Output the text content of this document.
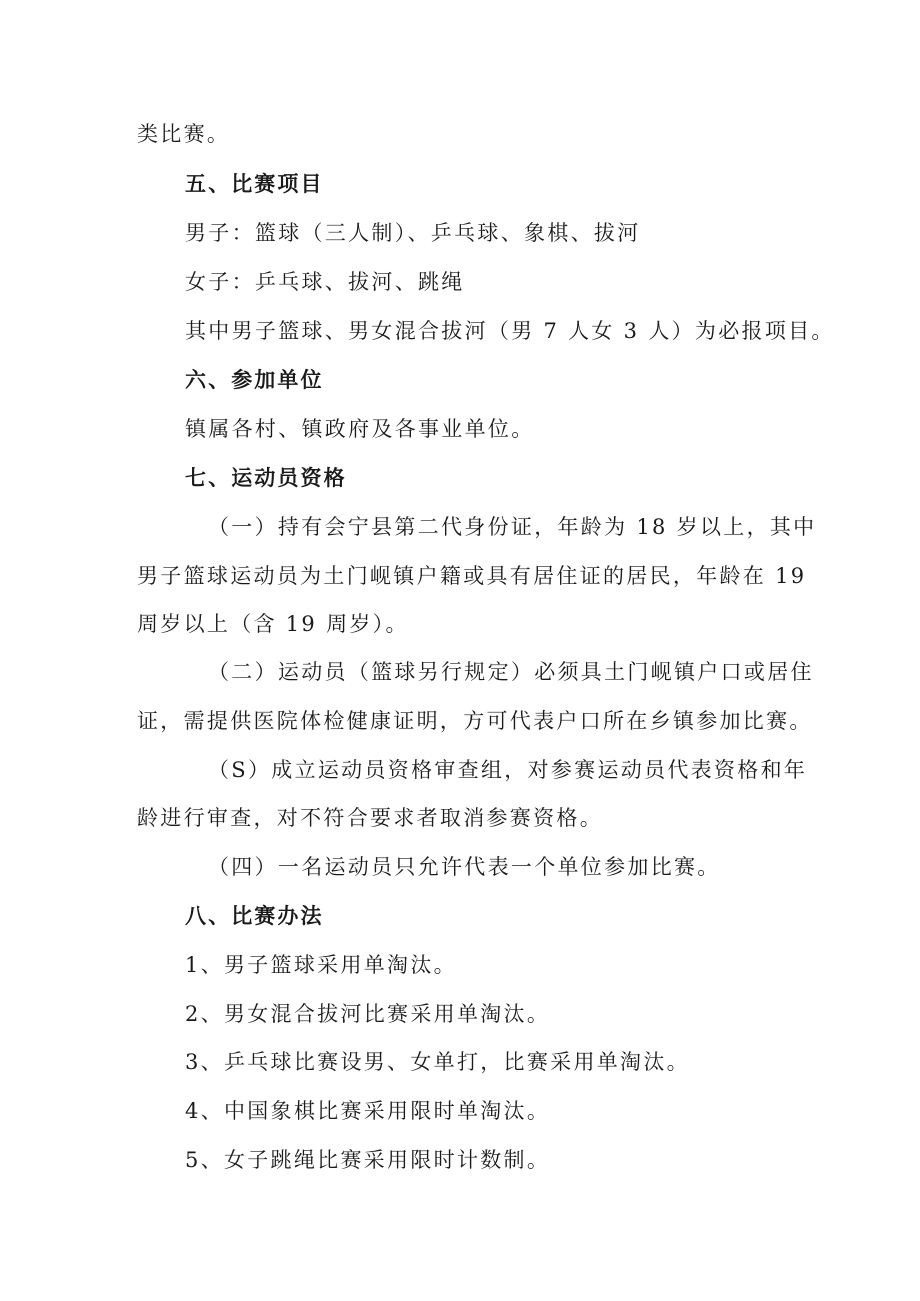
类比赛。
五、比赛项目
男子：篮球（三人制）、乒乓球、象棋、拔河
女子：乒乓球、拔河、跳绳
其中男子篮球、男女混合拔河（男 7 人女 3 人）为必报项目。
六、参加单位
镇属各村、镇政府及各事业单位。
七、运动员资格
（一）持有会宁县第二代身份证，年龄为 18 岁以上，其中
男子篮球运动员为土门岘镇户籍或具有居住证的居民，年龄在 19
周岁以上（含 19 周岁）。
（二）运动员（篮球另行规定）必须具土门岘镇户口或居住
证，需提供医院体检健康证明，方可代表户口所在乡镇参加比赛。
（S）成立运动员资格审查组，对参赛运动员代表资格和年
龄进行审查，对不符合要求者取消参赛资格。
（四）一名运动员只允许代表一个单位参加比赛。
八、比赛办法
1、男子篮球采用单淘汰。
2、男女混合拔河比赛采用单淘汰。
3、乒乓球比赛设男、女单打，比赛采用单淘汰。
4、中国象棋比赛采用限时单淘汰。
5、女子跳绳比赛采用限时计数制。
